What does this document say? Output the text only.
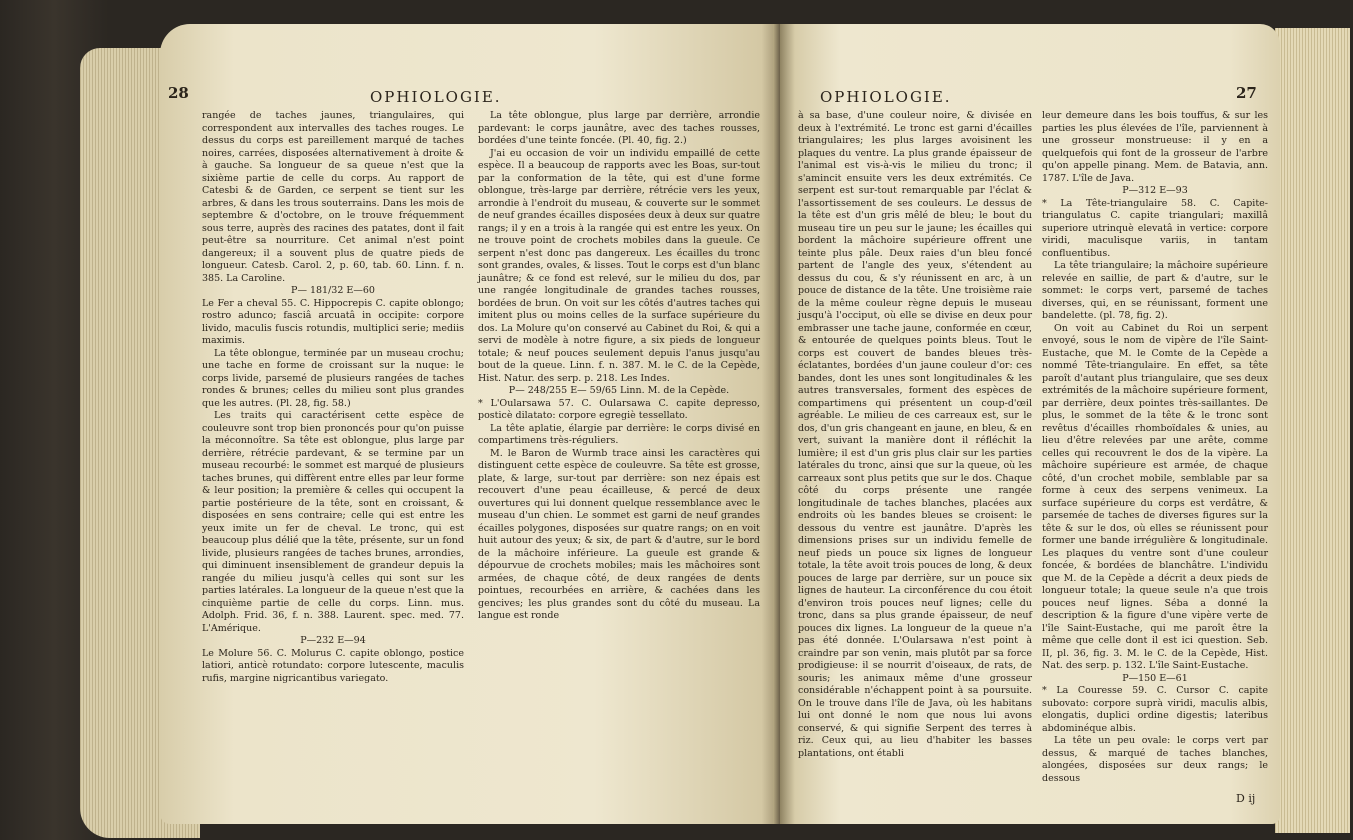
28	OPHIOLOGIE.

rangée de taches jaunes, triangulaires, qui correspondent aux intervalles des taches rouges. Le dessus du corps est pareillement marqué de taches noires, carrées, disposées alternativement à droite & à gauche. Sa longueur de sa queue n'est que la sixième partie de celle du corps. Au rapport de Catesbi & de Garden, ce serpent se tient sur les arbres, & dans les trous souterrains. Dans les mois de septembre & d'octobre, on le trouve fréquemment sous terre, auprès des racines des patates, dont il fait peut-être sa nourriture. Cet animal n'est point dangereux; il a souvent plus de quatre pieds de longueur. Catesb. Carol. 2, p. 60, tab. 60. Linn. f. n. 385. La Caroline.

P— 181/32 E—60

Le Fer a cheval 55. C. Hippocrepis C. capite oblongo; rostro adunco; fasciâ arcuatâ in occipite: corpore livido, maculis fuscis rotundis, multiplici serie; mediis maximis.

La tête oblongue, terminée par un museau crochu; une tache en forme de croissant sur la nuque: le corps livide, parsemé de plusieurs rangées de taches rondes & brunes; celles du milieu sont plus grandes que les autres. (Pl. 28, fig. 58.)

Les traits qui caractérisent cette espèce de couleuvre sont trop bien prononcés pour qu'on puisse la méconnoître. Sa tête est oblongue, plus large par derrière, rétrécie pardevant, & se termine par un museau recourbé: le sommet est marqué de plusieurs taches brunes, qui diffèrent entre elles par leur forme & leur position; la première & celles qui occupent la partie postérieure de la tête, sont en croissant, & disposées en sens contraire; celle qui est entre les yeux imite un fer de cheval. Le tronc, qui est beaucoup plus délié que la tête, présente, sur un fond livide, plusieurs rangées de taches brunes, arrondies, qui diminuent insensiblement de grandeur depuis la rangée du milieu jusqu'à celles qui sont sur les parties latérales. La longueur de la queue n'est que la cinquième partie de celle du corps. Linn. mus. Adolph. Frid. 36, f. n. 388. Laurent. spec. med. 77. L'Amérique.

P—232 E—94

Le Molure 56. C. Molurus C. capite oblongo, postice latiori, anticè rotundato: corpore lutescente, maculis rufis, margine nigricantibus variegato.

La tête oblongue, plus large par derrière, arrondie pardevant: le corps jaunâtre, avec des taches rousses, bordées d'une teinte foncée. (Pl. 40, fig. 2.)

J'ai eu occasion de voir un individu empaillé de cette espèce. Il a beaucoup de rapports avec les Boas, sur-tout par la conformation de la tête, qui est d'une forme oblongue, très-large par derrière, rétrécie vers les yeux, arrondie à l'endroit du museau, & couverte sur le sommet de neuf grandes écailles disposées deux à deux sur quatre rangs; il y en a trois à la rangée qui est entre les yeux. On ne trouve point de crochets mobiles dans la gueule. Ce serpent n'est donc pas dangereux. Les écailles du tronc sont grandes, ovales, & lisses. Tout le corps est d'un blanc jaunâtre; & ce fond est relevé, sur le milieu du dos, par une rangée longitudinale de grandes taches rousses, bordées de brun. On voit sur les côtés d'autres taches qui imitent plus ou moins celles de la surface supérieure du dos. La Molure qu'on conservé au Cabinet du Roi, & qui a servi de modèle à notre figure, a six pieds de longueur totale; & neuf pouces seulement depuis l'anus jusqu'au bout de la queue. Linn. f. n. 387. M. le C. de la Cepède, Hist. Natur. des serp. p. 218. Les Indes.

P— 248/255 E— 59/65 Linn. M. de la Cepède.

* L'Oularsawa 57. C. Oularsawa C. capite depresso, posticè dilatato: corpore egregiè tessellato.

La tête aplatie, élargie par derrière: le corps divisé en compartimens très-réguliers.

M. le Baron de Wurmb trace ainsi les caractères qui distinguent cette espèce de couleuvre. Sa tête est grosse, plate, & large, sur-tout par derrière: son nez épais est recouvert d'une peau écailleuse, & percé de deux ouvertures qui lui donnent quelque ressemblance avec le museau d'un chien. Le sommet est garni de neuf grandes écailles polygones, disposées sur quatre rangs; on en voit huit autour des yeux; & six, de part & d'autre, sur le bord de la mâchoire inférieure. La gueule est grande & dépourvue de crochets mobiles; mais les mâchoires sont armées, de chaque côté, de deux rangées de dents pointues, recourbées en arrière, & cachées dans les gencives; les plus grandes sont du côté du museau. La langue est ronde

OPHIOLOGIE.	27

à sa base, d'une couleur noire, & divisée en deux à l'extrémité. Le tronc est garni d'écailles triangulaires; les plus larges avoisinent les plaques du ventre. La plus grande épaisseur de l'animal est vis-à-vis le milieu du tronc; il s'amincit ensuite vers les deux extrémités. Ce serpent est sur-tout remarquable par l'éclat & l'assortissement de ses couleurs. Le dessus de la tête est d'un gris mêlé de bleu; le bout du museau tire un peu sur le jaune; les écailles qui bordent la mâchoire supérieure offrent une teinte plus pâle. Deux raies d'un bleu foncé partent de l'angle des yeux, s'étendent au dessus du cou, & s'y réunissent en arc, à un pouce de distance de la tête. Une troisième raie de la même couleur règne depuis le museau jusqu'à l'occiput, où elle se divise en deux pour embrasser une tache jaune, conformée en cœur, & entourée de quelques points bleus. Tout le corps est couvert de bandes bleues très-éclatantes, bordées d'un jaune couleur d'or: ces bandes, dont les unes sont longitudinales & les autres transversales, forment des espèces de compartimens qui présentent un coup-d'œil agréable. Le milieu de ces carreaux est, sur le dos, d'un gris changeant en jaune, en bleu, & en vert, suivant la manière dont il réfléchit la lumière; il est d'un gris plus clair sur les parties latérales du tronc, ainsi que sur la queue, où les carreaux sont plus petits que sur le dos. Chaque côté du corps présente une rangée longitudinale de taches blanches, placées aux endroits où les bandes bleues se croisent: le dessous du ventre est jaunâtre. D'après les dimensions prises sur un individu femelle de neuf pieds un pouce six lignes de longueur totale, la tête avoit trois pouces de long, & deux pouces de large par derrière, sur un pouce six lignes de hauteur. La circonférence du cou étoit d'environ trois pouces neuf lignes; celle du tronc, dans sa plus grande épaisseur, de neuf pouces dix lignes. La longueur de la queue n'a pas été donnée. L'Oularsawa n'est point à craindre par son venin, mais plutôt par sa force prodigieuse: il se nourrit d'oiseaux, de rats, de souris; les animaux même d'une grosseur considérable n'échappent point à sa poursuite. On le trouve dans l'île de Java, où les habitans lui ont donné le nom que nous lui avons conservé, & qui signifie Serpent des terres à riz. Ceux qui, au lieu d'habiter les basses plantations, ont établi

leur demeure dans les bois touffus, & sur les parties les plus élevées de l'île, parviennent à une grosseur monstrueuse: il y en a quelquefois qui font de la grosseur de l'arbre qu'on appelle pinang. Mem. de Batavia, ann. 1787. L'île de Java.

P—312 E—93

* La Tête-triangulaire 58. C. Capite-triangulatus C. capite triangulari; maxillâ superiore utrinquè elevatâ in vertice: corpore viridi, maculisque variis, in tantam confluentibus.

La tête triangulaire; la mâchoire supérieure relevée en saillie, de part & d'autre, sur le sommet: le corps vert, parsemé de taches diverses, qui, en se réunissant, forment une bandelette. (pl. 78, fig. 2).

On voit au Cabinet du Roi un serpent envoyé, sous le nom de vipère de l'île Saint-Eustache, que M. le Comte de la Cepède a nommé Tête-triangulaire. En effet, sa tête paroît d'autant plus triangulaire, que ses deux extrémités de la mâchoire supérieure forment, par derrière, deux pointes très-saillantes. De plus, le sommet de la tête & le tronc sont revêtus d'écailles rhomboïdales & unies, au lieu d'être relevées par une arête, comme celles qui recouvrent le dos de la vipère. La mâchoire supérieure est armée, de chaque côté, d'un crochet mobile, semblable par sa forme à ceux des serpens venimeux. La surface supérieure du corps est verdâtre, & parsemée de taches de diverses figures sur la tête & sur le dos, où elles se réunissent pour former une bande irrégulière & longitudinale. Les plaques du ventre sont d'une couleur foncée, & bordées de blanchâtre. L'individu que M. de la Cepède a décrit a deux pieds de longueur totale; la queue seule n'a que trois pouces neuf lignes. Séba a donné la description & la figure d'une vipère verte de l'île Saint-Eustache, qui me paroît être la même que celle dont il est ici question. Seb. II, pl. 36, fig. 3. M. le C. de la Cepède, Hist. Nat. des serp. p. 132. L'île Saint-Eustache.

P—150 E—61

* La Couresse 59. C. Cursor C. capite subovato: corpore suprà viridi, maculis albis, elongatis, duplici ordine digestis; lateribus abdominéque albis.

La tête un peu ovale: le corps vert par dessus, & marqué de taches blanches, alongées, disposées sur deux rangs; le dessous

D ij
